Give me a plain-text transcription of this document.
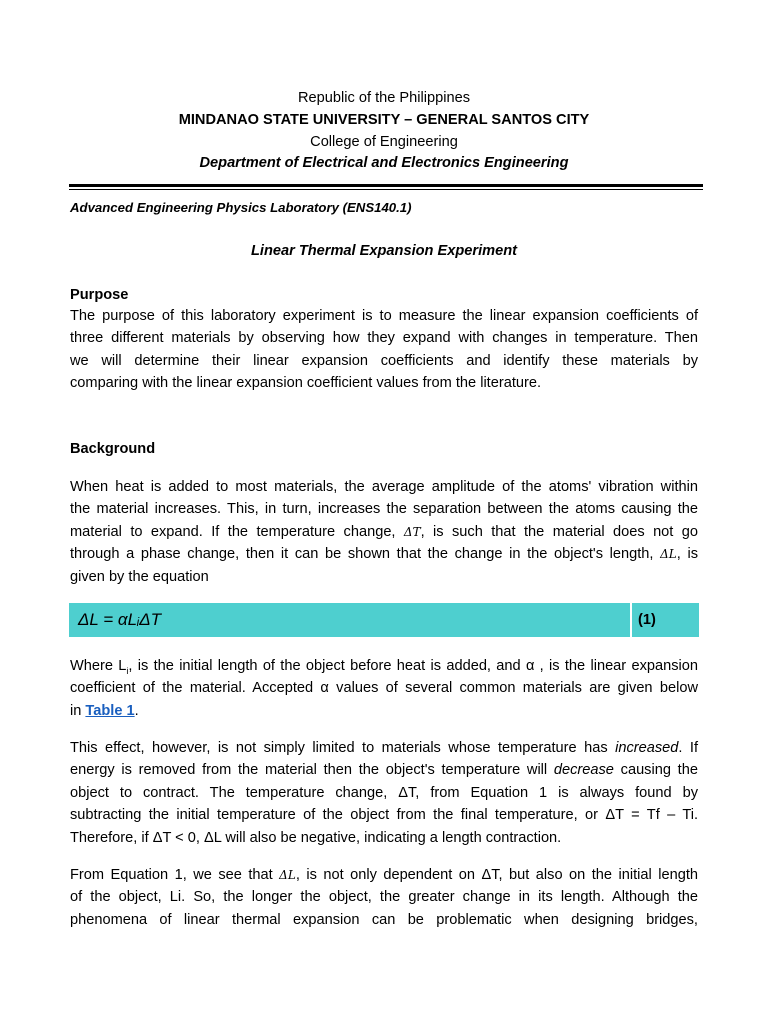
Republic of the Philippines
MINDANAO STATE UNIVERSITY – GENERAL SANTOS CITY
College of Engineering
Department of Electrical and Electronics Engineering
Advanced Engineering Physics Laboratory (ENS140.1)
Linear Thermal Expansion Experiment
Purpose
The purpose of this laboratory experiment is to measure the linear expansion coefficients of
three different materials by observing how they expand with changes in temperature. Then
we will determine their linear expansion coefficients and identify these materials by
comparing with the linear expansion coefficient values from the literature.
Background
When heat is added to most materials, the average amplitude of the atoms' vibration within
the material increases. This, in turn, increases the separation between the atoms causing the
material to expand. If the temperature change, ΔT, is such that the material does not go
through a phase change, then it can be shown that the change in the object's length, ΔL, is
given by the equation
ΔL = αLᵢΔT	(1)
Where $L_i$, is the initial length of the object before heat is added, and α , is the linear expansion
coefficient of the material. Accepted α values of several common materials are given below
in Table 1.
This effect, however, is not simply limited to materials whose temperature has increased. If
energy is removed from the material then the object's temperature will decrease causing the
object to contract. The temperature change, ΔT, from Equation 1 is always found by
subtracting the initial temperature of the object from the final temperature, or ΔT = Tf – Ti.
Therefore, if ΔT < 0, ΔL will also be negative, indicating a length contraction.
From Equation 1, we see that ΔL, is not only dependent on ΔT, but also on the initial length
of the object, Li. So, the longer the object, the greater change in its length. Although the
phenomena of linear thermal expansion can be problematic when designing bridges,
